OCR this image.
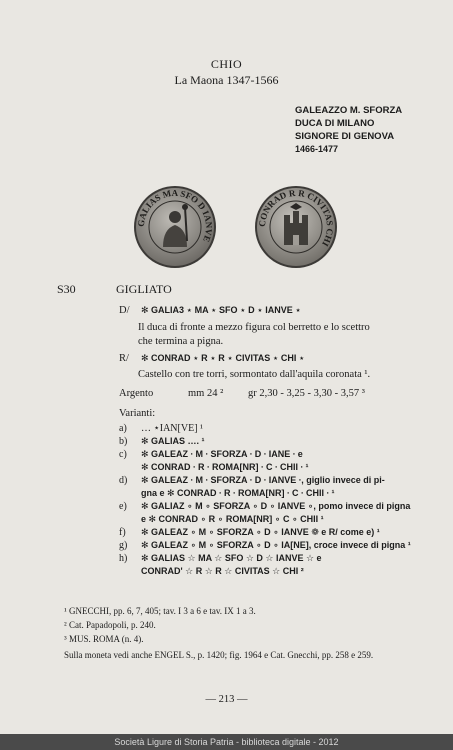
CHIO
La Maona 1347-1566
GALEAZZO M. SFORZA
DUCA DI MILANO
SIGNORE DI GENOVA
1466-1477
GALIAS MA SFO D IANVE
CONRAD R R CIVITAS CHI
S30	GIGLIATO
D/ ✻ GALIA3 ⋆ MA ⋆ SFO ⋆ D ⋆ IANVE ⋆
Il duca di fronte a mezzo figura col berretto e lo scettro
che termina a pigna.
R/ ✻ CONRAD ⋆ R ⋆ R ⋆ CIVITAS ⋆ CHI ⋆
Castello con tre torri, sormontato dall'aquila coronata ¹.
Argento	mm 24 ² gr 2,30 - 3,25 - 3,30 - 3,57 ³
Varianti:
a) … ⋆IAN[VE] ¹
b) ✻ GALIAS …. ¹
c) ✻ GALEAZ ∙ M ∙ SFORZA ∙ D ∙ IANE ∙ e
✻ CONRAD ∙ R ∙ ROMA[NR] ∙ C ∙ CHII ∙ ¹
d) ✻ GALEAZ ∙ M ∙ SFORZA ∙ D ∙ IANVE ∙, giglio invece di pi-
gna e ✻ CONRAD ∙ R ∙ ROMA[NR] ∙ C ∙ CHII ∙ ¹
e) ✻ GALIAZ ∘ M ∘ SFORZA ∘ D ∘ IANVE ∘, pomo invece di pigna
e ✻ CONRAD ∘ R ∘ ROMA[NR] ∘ C ∘ CHII ¹
f) ✻ GALEAZ ∘ M ∘ SFORZA ∘ D ∘ IANVE ❁ e R/ come e) ¹
g) ✻ GALEAZ ∘ M ∘ SFORZA ∘ D ∘ IA[NE], croce invece di pigna ¹
h) ✻ GALIAS ☆ MA ☆ SFO ☆ D ☆ IANVE ☆ e
CONRAD' ☆ R ☆ R ☆ CIVITAS ☆ CHI ²
¹ GNECCHI, pp. 6, 7, 405; tav. I 3 a 6 e tav. IX 1 a 3.
² Cat. Papadopoli, p. 240.
³ MUS. ROMA (n. 4).
Sulla moneta vedi anche ENGEL S., p. 1420; fig. 1964 e Cat. Gnecchi, pp. 258 e 259.
— 213 —
Società Ligure di Storia Patria - biblioteca digitale - 2012
